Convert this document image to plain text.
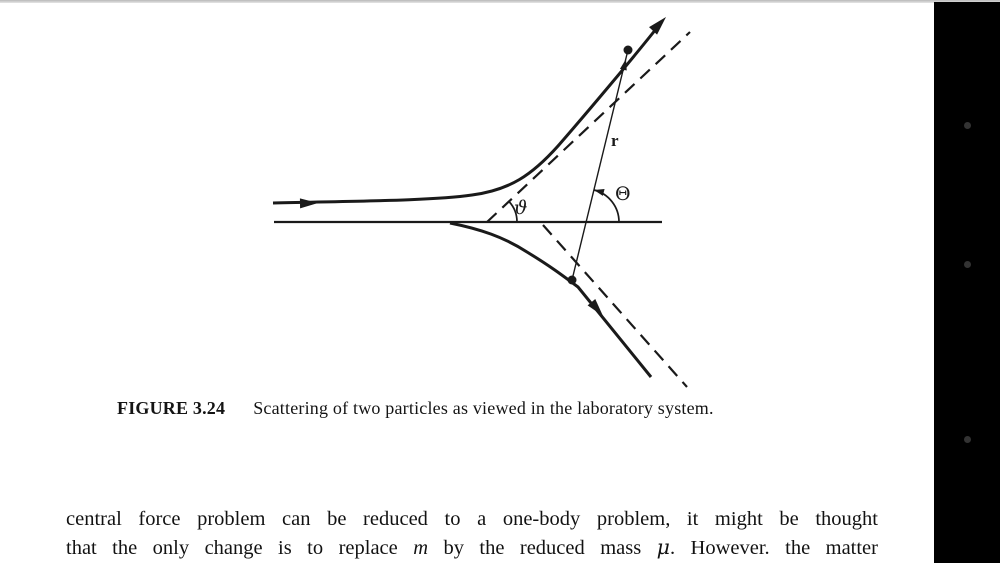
ϑ
Θ
r
FIGURE 3.24 Scattering of two particles as viewed in the laboratory system.
central force problem can be reduced to a one-body problem, it might be thought
that the only change is to replace m by the reduced mass μ. However. the matter
